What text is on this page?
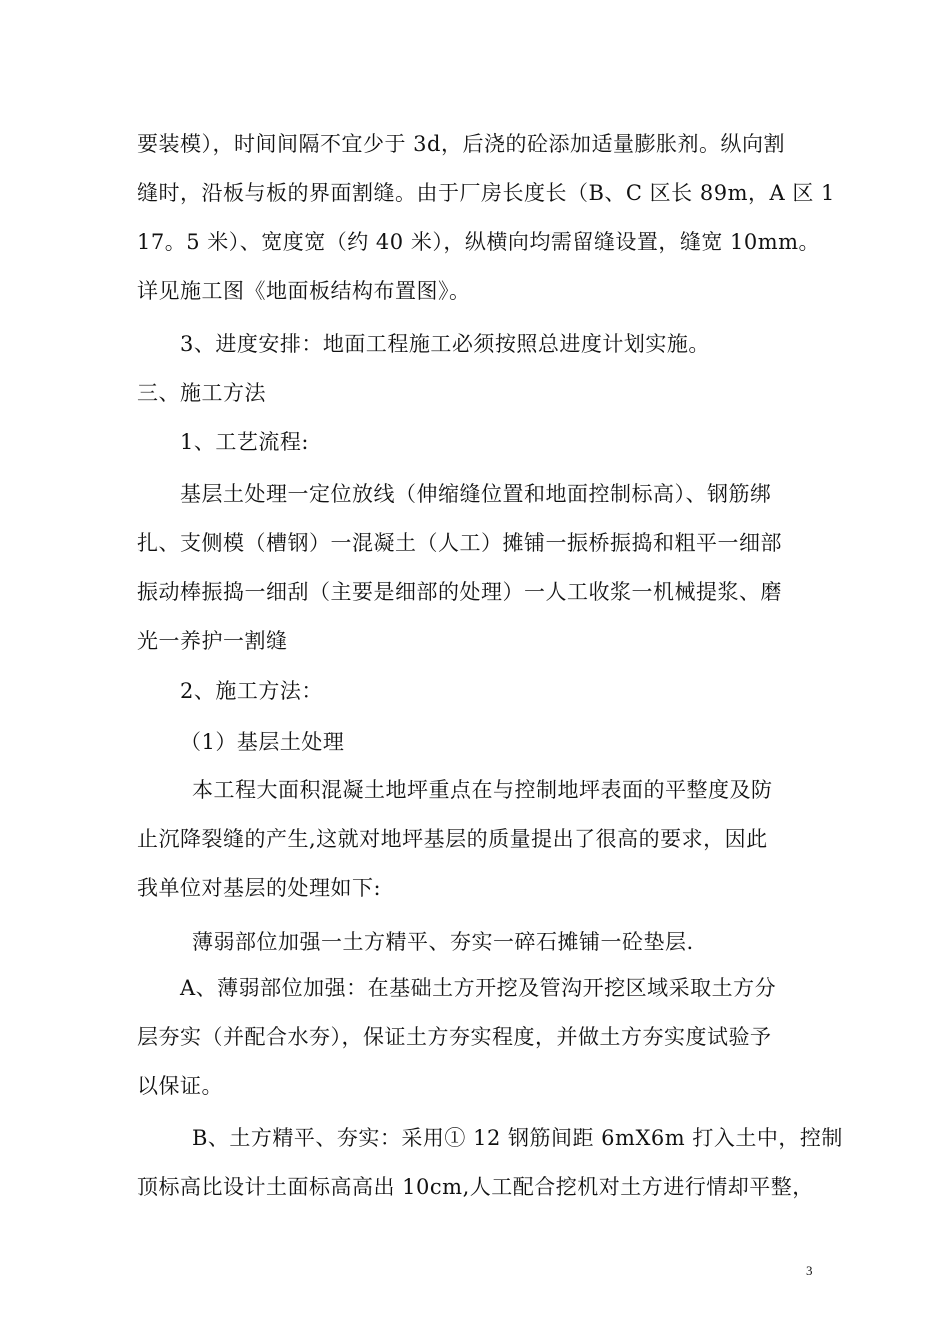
要装模），时间间隔不宜少于 3d，后浇的砼添加适量膨胀剂。纵向割
缝时，沿板与板的界面割缝。由于厂房长度长（B、C 区长 89m，A 区 1
17。5 米）、宽度宽（约 40 米），纵横向均需留缝设置，缝宽 10mm。
详见施工图《地面板结构布置图》。
3、进度安排：地面工程施工必须按照总进度计划实施。
三、施工方法
1、工艺流程:
基层土处理一定位放线（伸缩缝位置和地面控制标高）、钢筋绑
扎、支侧模（槽钢）一混凝土（人工）摊铺一振桥振捣和粗平一细部
振动棒振捣一细刮（主要是细部的处理）一人工收浆一机械提浆、磨
光一养护一割缝
2、施工方法：
（1）基层土处理
本工程大面积混凝土地坪重点在与控制地坪表面的平整度及防
止沉降裂缝的产生,这就对地坪基层的质量提出了很高的要求，因此
我单位对基层的处理如下:
薄弱部位加强一土方精平、夯实一碎石摊铺一砼垫层.
A、薄弱部位加强：在基础土方开挖及管沟开挖区域采取土方分
层夯实（并配合水夯），保证土方夯实程度，并做土方夯实度试验予
以保证。
B、土方精平、夯实：采用① 12 钢筋间距 6mX6m 打入土中，控制
顶标高比设计土面标高高出 10cm,人工配合挖机对土方进行情却平整，
3
